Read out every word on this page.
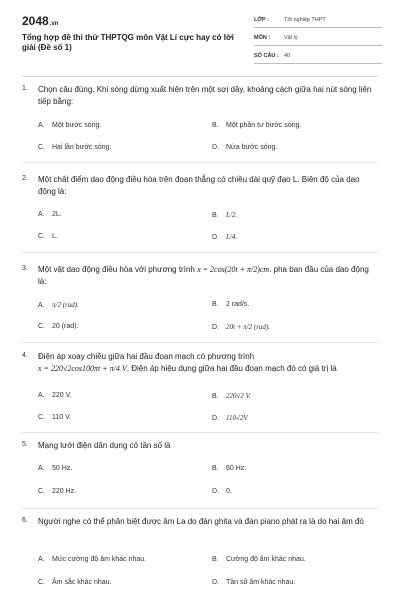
2048.vn
Tổng hợp đề thi thử THPTQG môn Vật Lí cực hay có lời giải (Đề số 1)
LỚP :	Tốt nghiệp THPT
MÔN :	Vật lý
SỐ CÂU : 40
1. Chọn câu đúng. Khi sóng dừng xuất hiện trên một sợi dây, khoảng cách giữa hai nút sóng liên tiếp bằng:
A. Một bước sóng.	B. Một phần tư bước sóng.
C. Hai lần bước sóng.	D. Nửa bước sóng.
2. Một chất điểm dao động điều hòa trên đoạn thẳng có chiều dài quỹ đạo L. Biên độ của dao động là:
A. 2L.	B. L/2.
C. L.	D. L/4.
3. Một vật dao động điều hòa với phương trình x = 2cos(20t + π/2)cm. pha ban đầu của dao động là:
A. π/2 (rad).	B. 2 rad/s.
C. 20 (rad).	D. 20t + π/2 (rad).
4. Điện áp xoay chiều giữa hai đầu đoạn mạch có phương trình
x = 220√2cos100πt + π/4 V. Điện áp hiệu dụng giữa hai đầu đoạn mạch đó có giá trị là
A. 220 V.	B. 220√2 V.
C. 110 V.	D. 110√2V
5. Mạng lưới điện dân dụng có tần số là
A. 50 Hz.	B. 60 Hz.
C. 220 Hz.	D. 0.
6. Người nghe có thể phân biệt được âm La do đàn ghita và đàn piano phát ra là do hai âm đó
A. Mức cường độ âm khác nhau.	B. Cường độ âm khác nhau.
C. Âm sắc khác nhau.	D. Tần số âm khác nhau.
